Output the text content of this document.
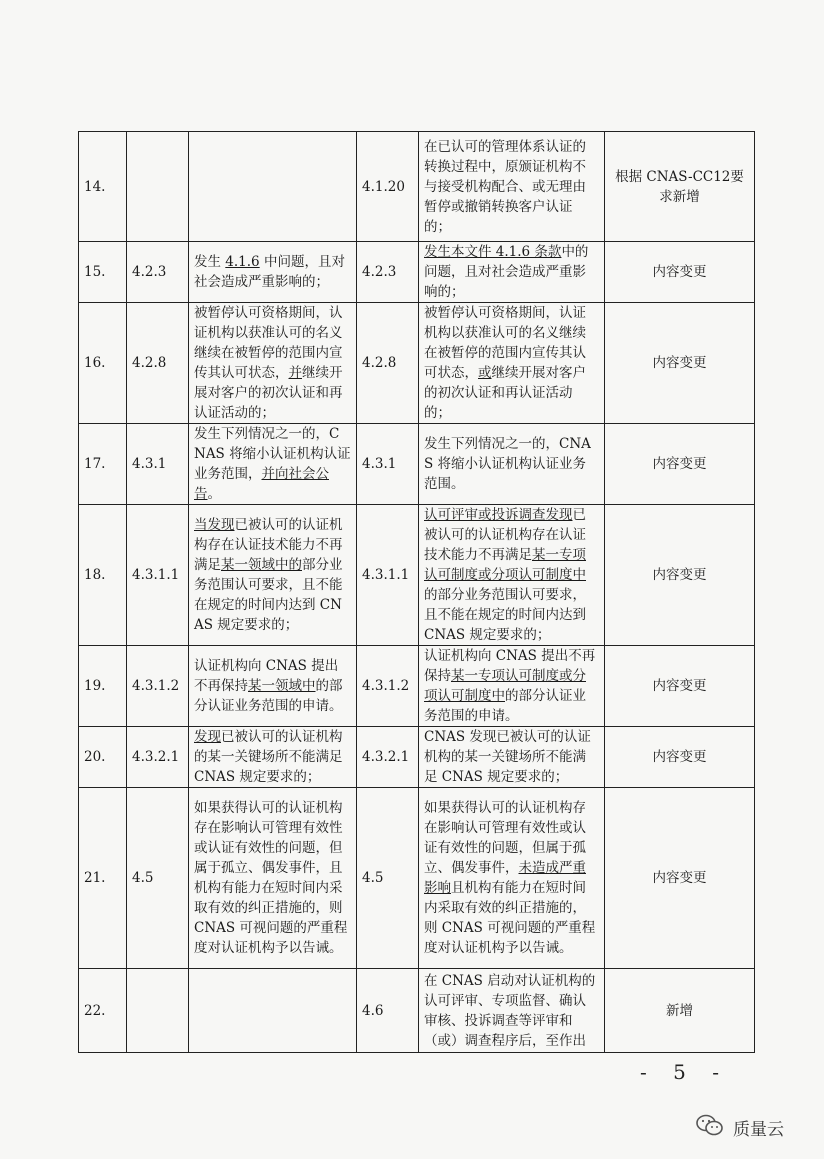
14.			4.1.20	在已认可的管理体系认证的转换过程中，原颁证机构不与接受机构配合、或无理由暂停或撤销转换客户认证的；	根据 CNAS-CC12要求新增
15.	4.2.3	发生 4.1.6 中问题，且对社会造成严重影响的；	4.2.3	发生本文件 4.1.6 条款中的问题，且对社会造成严重影响的；	内容变更
16.	4.2.8	被暂停认可资格期间，认证机构以获准认可的名义继续在被暂停的范围内宣传其认可状态，并继续开展对客户的初次认证和再认证活动的；	4.2.8	被暂停认可资格期间，认证机构以获准认可的名义继续在被暂停的范围内宣传其认可状态，或继续开展对客户的初次认证和再认证活动的；	内容变更
17.	4.3.1	发生下列情况之一的，CNAS 将缩小认证机构认证业务范围，并向社会公告。	4.3.1	发生下列情况之一的，CNAS 将缩小认证机构认证业务范围。	内容变更
18.	4.3.1.1	当发现已被认可的认证机构存在认证技术能力不再满足某一领域中的部分业务范围认可要求，且不能在规定的时间内达到 CNAS 规定要求的；	4.3.1.1	认可评审或投诉调查发现已被认可的认证机构存在认证技术能力不再满足某一专项认可制度或分项认可制度中的部分业务范围认可要求，且不能在规定的时间内达到 CNAS 规定要求的；	内容变更
19.	4.3.1.2	认证机构向 CNAS 提出不再保持某一领域中的部分认证业务范围的申请。	4.3.1.2	认证机构向 CNAS 提出不再保持某一专项认可制度或分项认可制度中的部分认证业务范围的申请。	内容变更
20.	4.3.2.1	发现已被认可的认证机构的某一关键场所不能满足 CNAS 规定要求的；	4.3.2.1	CNAS 发现已被认可的认证机构的某一关键场所不能满足 CNAS 规定要求的；	内容变更
21.	4.5	如果获得认可的认证机构存在影响认可管理有效性或认证有效性的问题，但属于孤立、偶发事件，且机构有能力在短时间内采取有效的纠正措施的，则 CNAS 可视问题的严重程度对认证机构予以告诫。	4.5	如果获得认可的认证机构存在影响认可管理有效性或认证有效性的问题，但属于孤立、偶发事件，未造成严重影响且机构有能力在短时间内采取有效的纠正措施的，则 CNAS 可视问题的严重程度对认证机构予以告诫。	内容变更
22.			4.6	在 CNAS 启动对认证机构的认可评审、专项监督、确认审核、投诉调查等评审和（或）调查程序后，至作出	新增
- 5 -
质量云
